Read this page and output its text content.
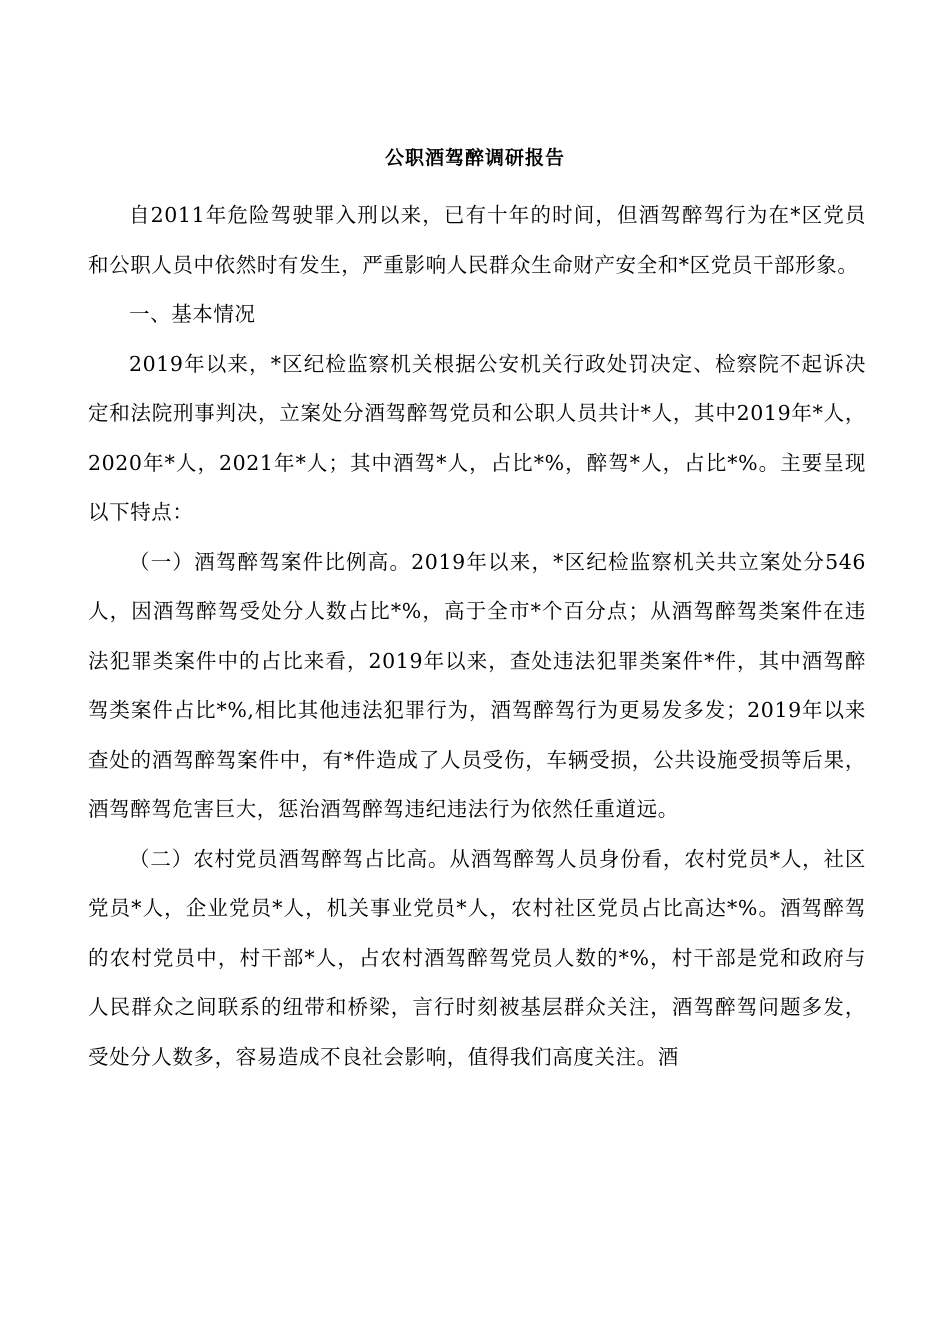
公职酒驾醉调研报告

自2011年危险驾驶罪入刑以来，已有十年的时间，但酒驾醉驾行为在*区党员和公职人员中依然时有发生，严重影响人民群众生命财产安全和*区党员干部形象。

一、基本情况

2019年以来，*区纪检监察机关根据公安机关行政处罚决定、检察院不起诉决定和法院刑事判决，立案处分酒驾醉驾党员和公职人员共计*人，其中2019年*人，2020年*人，2021年*人；其中酒驾*人，占比*%，醉驾*人，占比*%。主要呈现以下特点：

（一）酒驾醉驾案件比例高。2019年以来，*区纪检监察机关共立案处分546人，因酒驾醉驾受处分人数占比*%，高于全市*个百分点；从酒驾醉驾类案件在违法犯罪类案件中的占比来看，2019年以来，查处违法犯罪类案件*件，其中酒驾醉驾类案件占比*%,相比其他违法犯罪行为，酒驾醉驾行为更易发多发；2019年以来查处的酒驾醉驾案件中，有*件造成了人员受伤，车辆受损，公共设施受损等后果，酒驾醉驾危害巨大，惩治酒驾醉驾违纪违法行为依然任重道远。

（二）农村党员酒驾醉驾占比高。从酒驾醉驾人员身份看，农村党员*人，社区党员*人，企业党员*人，机关事业党员*人，农村社区党员占比高达*%。酒驾醉驾的农村党员中，村干部*人，占农村酒驾醉驾党员人数的*%，村干部是党和政府与人民群众之间联系的纽带和桥梁，言行时刻被基层群众关注，酒驾醉驾问题多发，受处分人数多，容易造成不良社会影响，值得我们高度关注。酒
